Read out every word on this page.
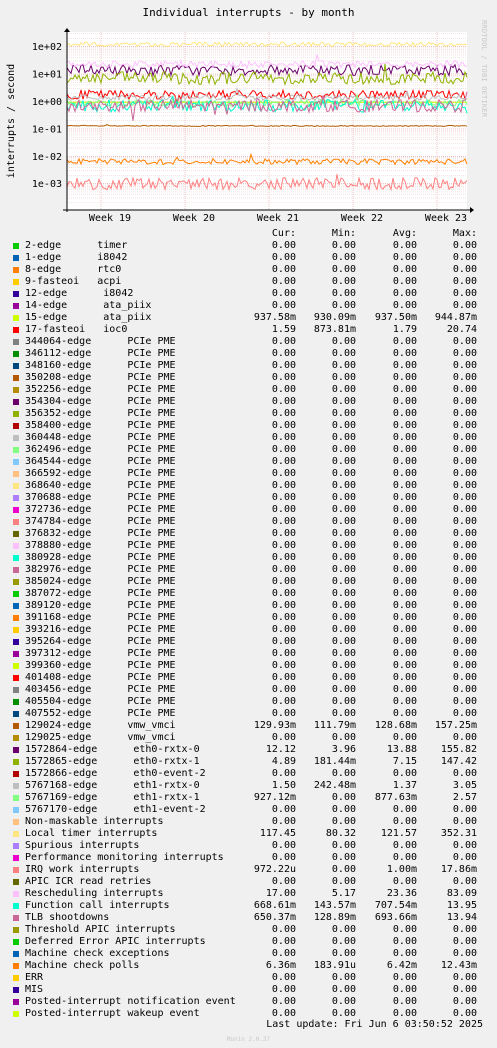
Individual interrupts - by month
RRDTOOL / TOBI OETIKER
1e+02
1e+01
1e+00
1e-01
1e-02
1e-03
Week 19	Week 20	Week 21	Week 22	Week 23
interrupts / second
Cur:	Min:	Avg:	Max:
2-edge      timer	0.00	0.00	0.00	0.00
1-edge      i8042	0.00	0.00	0.00	0.00
8-edge      rtc0	0.00	0.00	0.00	0.00
9-fasteoi   acpi	0.00	0.00	0.00	0.00
12-edge      i8042	0.00	0.00	0.00	0.00
14-edge      ata_piix	0.00	0.00	0.00	0.00
15-edge      ata_piix	937.58m	930.09m	937.50m	944.87m
17-fasteoi   ioc0	1.59	873.81m	1.79	20.74
344064-edge      PCIe PME	0.00	0.00	0.00	0.00
346112-edge      PCIe PME	0.00	0.00	0.00	0.00
348160-edge      PCIe PME	0.00	0.00	0.00	0.00
350208-edge      PCIe PME	0.00	0.00	0.00	0.00
352256-edge      PCIe PME	0.00	0.00	0.00	0.00
354304-edge      PCIe PME	0.00	0.00	0.00	0.00
356352-edge      PCIe PME	0.00	0.00	0.00	0.00
358400-edge      PCIe PME	0.00	0.00	0.00	0.00
360448-edge      PCIe PME	0.00	0.00	0.00	0.00
362496-edge      PCIe PME	0.00	0.00	0.00	0.00
364544-edge      PCIe PME	0.00	0.00	0.00	0.00
366592-edge      PCIe PME	0.00	0.00	0.00	0.00
368640-edge      PCIe PME	0.00	0.00	0.00	0.00
370688-edge      PCIe PME	0.00	0.00	0.00	0.00
372736-edge      PCIe PME	0.00	0.00	0.00	0.00
374784-edge      PCIe PME	0.00	0.00	0.00	0.00
376832-edge      PCIe PME	0.00	0.00	0.00	0.00
378880-edge      PCIe PME	0.00	0.00	0.00	0.00
380928-edge      PCIe PME	0.00	0.00	0.00	0.00
382976-edge      PCIe PME	0.00	0.00	0.00	0.00
385024-edge      PCIe PME	0.00	0.00	0.00	0.00
387072-edge      PCIe PME	0.00	0.00	0.00	0.00
389120-edge      PCIe PME	0.00	0.00	0.00	0.00
391168-edge      PCIe PME	0.00	0.00	0.00	0.00
393216-edge      PCIe PME	0.00	0.00	0.00	0.00
395264-edge      PCIe PME	0.00	0.00	0.00	0.00
397312-edge      PCIe PME	0.00	0.00	0.00	0.00
399360-edge      PCIe PME	0.00	0.00	0.00	0.00
401408-edge      PCIe PME	0.00	0.00	0.00	0.00
403456-edge      PCIe PME	0.00	0.00	0.00	0.00
405504-edge      PCIe PME	0.00	0.00	0.00	0.00
407552-edge      PCIe PME	0.00	0.00	0.00	0.00
129024-edge      vmw_vmci	129.93m	111.79m	128.68m	157.25m
129025-edge      vmw_vmci	0.00	0.00	0.00	0.00
1572864-edge      eth0-rxtx-0	12.12	3.96	13.88	155.82
1572865-edge      eth0-rxtx-1	4.89	181.44m	7.15	147.42
1572866-edge      eth0-event-2	0.00	0.00	0.00	0.00
5767168-edge      eth1-rxtx-0	1.50	242.48m	1.37	3.05
5767169-edge      eth1-rxtx-1	927.12m	0.00	877.63m	2.57
5767170-edge      eth1-event-2	0.00	0.00	0.00	0.00
Non-maskable interrupts	0.00	0.00	0.00	0.00
Local timer interrupts	117.45	80.32	121.57	352.31
Spurious interrupts	0.00	0.00	0.00	0.00
Performance monitoring interrupts	0.00	0.00	0.00	0.00
IRQ work interrupts	972.22u	0.00	1.00m	17.86m
APIC ICR read retries	0.00	0.00	0.00	0.00
Rescheduling interrupts	17.00	5.17	23.36	83.09
Function call interrupts	668.61m	143.57m	707.54m	13.95
TLB shootdowns	650.37m	128.89m	693.66m	13.94
Threshold APIC interrupts	0.00	0.00	0.00	0.00
Deferred Error APIC interrupts	0.00	0.00	0.00	0.00
Machine check exceptions	0.00	0.00	0.00	0.00
Machine check polls	6.36m	183.91u	6.42m	12.43m
ERR	0.00	0.00	0.00	0.00
MIS	0.00	0.00	0.00	0.00
Posted-interrupt notification event	0.00	0.00	0.00	0.00
Posted-interrupt wakeup event	0.00	0.00	0.00	0.00
Last update: Fri Jun 6 03:50:52 2025
Munin 2.0.37
